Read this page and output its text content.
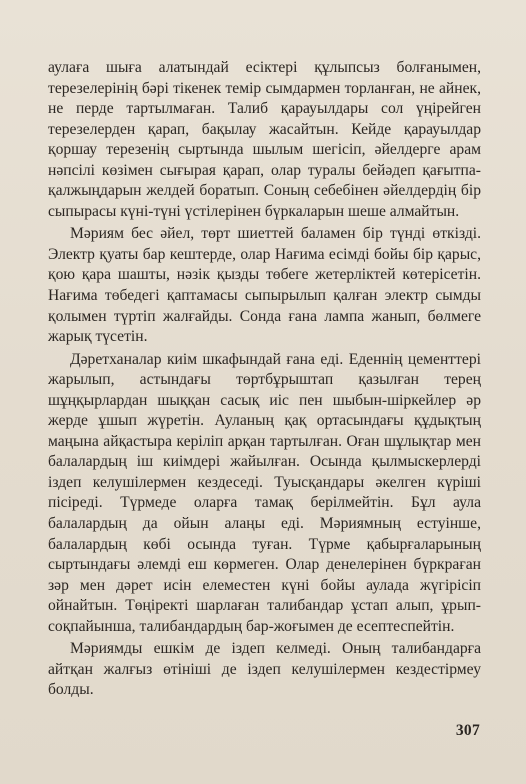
аулаға шыға алатындай есіктері құлыпсыз болғанымен, терезелерінің бәрі тікенек темір сымдармен торланған, не айнек, не перде тартылмаған. Талиб қарауылдары сол үңірейген терезелерден қарап, бақылау жасайтын. Кейде қарауылдар қоршау терезенің сыртында шылым шегісіп, әйелдерге арам нәпсілі көзімен сығырая қарап, олар туралы бейәдеп қағытпа-қалжыңдарын желдей боратып. Соның себебінен әйелдердің бір сыпырасы күні-түні үстілерінен бүркаларын шеше алмайтын.

Мәриям бес әйел, төрт шиеттей баламен бір түнді өткізді. Электр қуаты бар кештерде, олар Нағима есімді бойы бір қарыс, қою қара шашты, нәзік қызды төбеге жетерліктей көтерісетін. Нағима төбедегі қаптамасы сыпырылып қалған электр сымды қолымен түртіп жалғайды. Сонда ғана лампа жанып, бөлмеге жарық түсетін.

Дәретханалар киім шкафындай ғана еді. Еденнің цементтері жарылып, астындағы төртбұрыштап қазылған терең шұңқырлардан шыққан сасық иіс пен шыбын-шіркейлер әр жерде ұшып жүретін. Ауланың қақ ортасындағы құдықтың маңына айқастыра керіліп арқан тартылған. Оған шұлықтар мен балалардың іш киімдері жайылған. Осында қылмыскерлерді іздеп келушілермен кездеседі. Туысқандары әкелген күріші пісіреді. Түрмеде оларға тамақ берілмейтін. Бұл аула балалардың да ойын алаңы еді. Мәриямның естуінше, балалардың көбі осында туған. Түрме қабырғаларының сыртындағы әлемді еш көрмеген. Олар денелерінен бүркраған зәр мен дәрет исін елеместен күні бойы аулада жүгірісіп ойнайтын. Төңіректі шарлаған талибандар ұстап алып, ұрып-соқпайынша, талибандардың бар-жоғымен де есептеспейтін.

Мәриямды ешкім де іздеп келмеді. Оның талибандарға айтқан жалғыз өтініші де іздеп келушілермен кездестірмеу болды.

307
